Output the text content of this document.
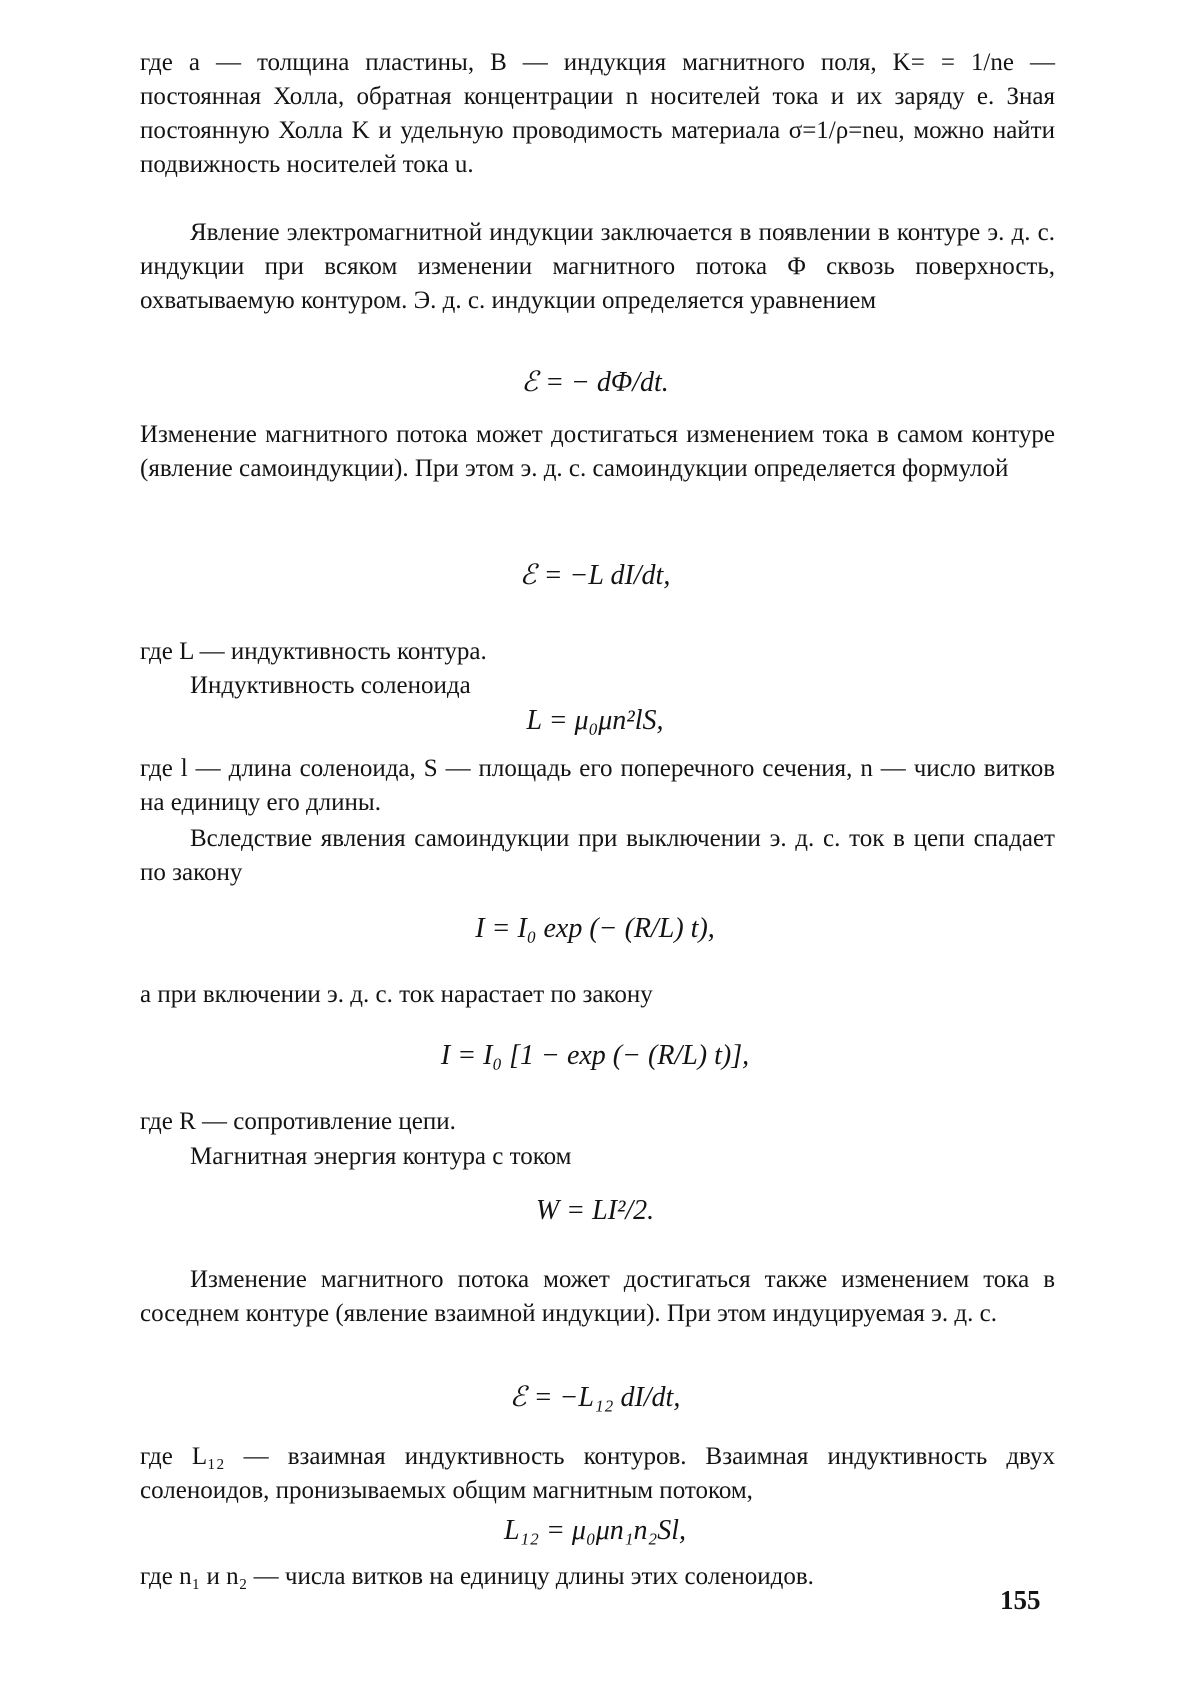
где a — толщина пластины, B — индукция магнитного поля, K= = 1/ne — постоянная Холла, обратная концентрации n носителей тока и их заряду e. Зная постоянную Холла K и удельную проводимость материала σ=1/ρ=neu, можно найти подвижность носителей тока u.
Явление электромагнитной индукции заключается в появлении в контуре э. д. с. индукции при всяком изменении магнитного потока Φ сквозь поверхность, охватываемую контуром. Э. д. с. индукции определяется уравнением
ℰ = − dΦ/dt.
Изменение магнитного потока может достигаться изменением тока в самом контуре (явление самоиндукции). При этом э. д. с. самоиндукции определяется формулой
ℰ = −L dI/dt,
где L — индуктивность контура.
Индуктивность соленоида
L = μ₀μn²lS,
где l — длина соленоида, S — площадь его поперечного сечения, n — число витков на единицу его длины.
Вследствие явления самоиндукции при выключении э. д. с. ток в цепи спадает по закону
I = I₀ exp (− (R/L) t),
а при включении э. д. с. ток нарастает по закону
I = I₀ [1 − exp (− (R/L) t)],
где R — сопротивление цепи.
Магнитная энергия контура с током
W = LI²/2.
Изменение магнитного потока может достигаться также изменением тока в соседнем контуре (явление взаимной индукции). При этом индуцируемая э. д. с.
ℰ = −L₁₂ dI/dt,
где L₁₂ — взаимная индуктивность контуров. Взаимная индуктивность двух соленоидов, пронизываемых общим магнитным потоком,
L₁₂ = μ₀μn₁n₂Sl,
где n₁ и n₂ — числа витков на единицу длины этих соленоидов.
155
